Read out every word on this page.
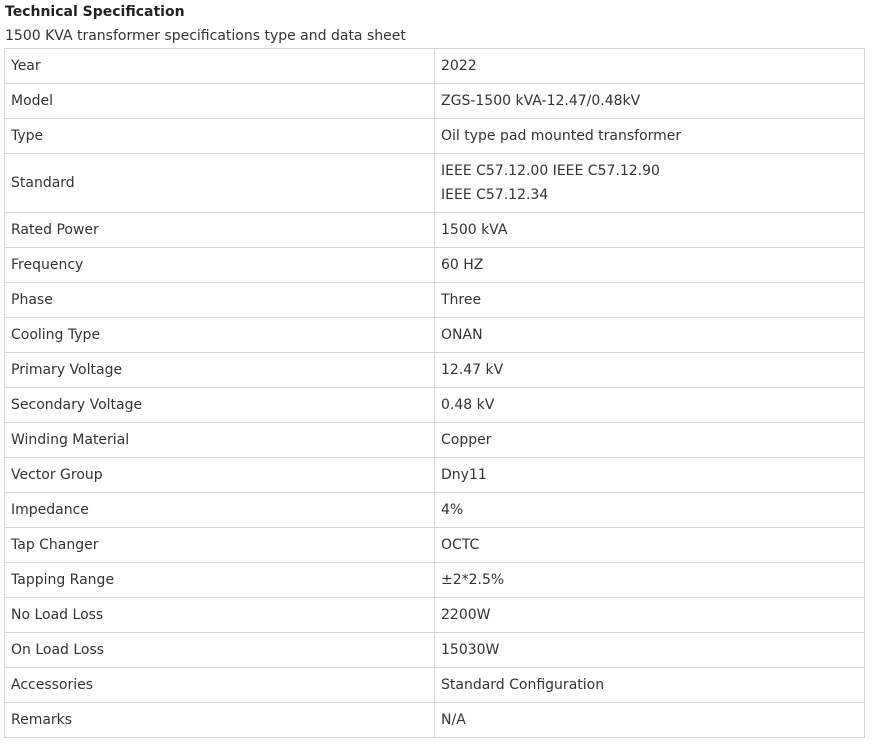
Technical Specification
1500 KVA transformer specifications type and data sheet
Year	2022

Model	ZGS-1500 kVA-12.47/0.48kV

Type	Oil type pad mounted transformer

Standard	IEEE C57.12.00 IEEE C57.12.90
IEEE C57.12.34

Rated Power	1500 kVA

Frequency	60 HZ

Phase	Three

Cooling Type	ONAN

Primary Voltage	12.47 kV

Secondary Voltage	0.48 kV

Winding Material	Copper

Vector Group	Dny11

Impedance	4%

Tap Changer	OCTC

Tapping Range	±2*2.5%

No Load Loss	2200W

On Load Loss	15030W

Accessories	Standard Configuration

Remarks	N/A
